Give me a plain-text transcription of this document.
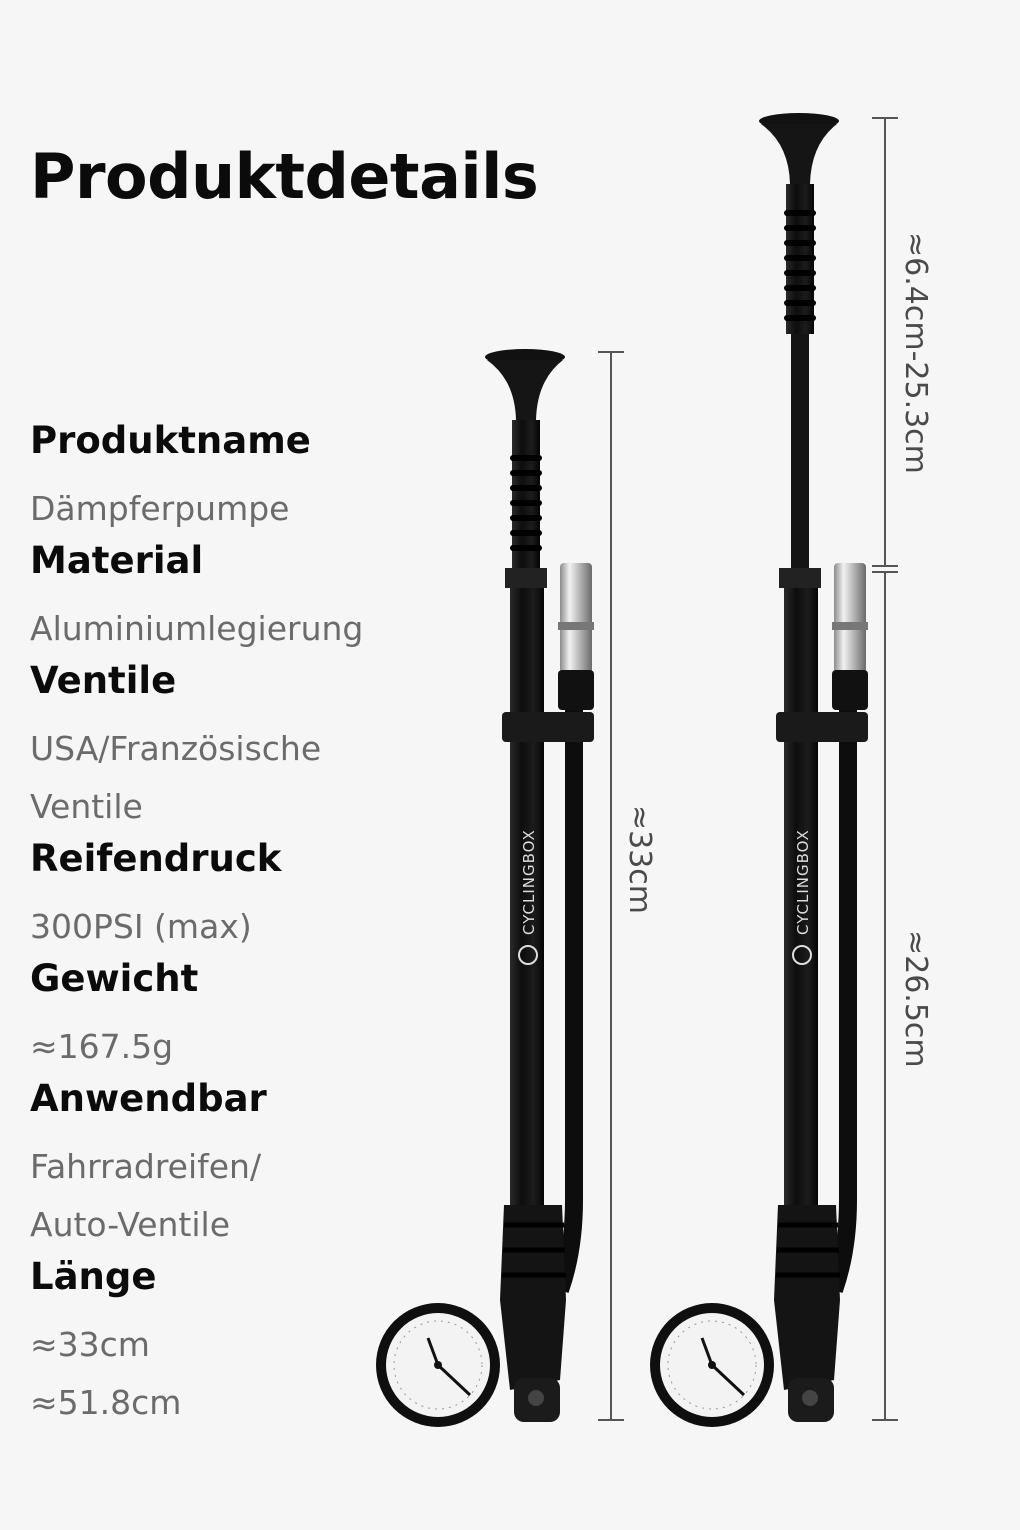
Produktdetails
Produktname
Dämpferpumpe
Material
Aluminiumlegierung
Ventile
USA/Französische
Ventile
Reifendruck
300PSI (max)
Gewicht
≈167.5g
Anwendbar
Fahrradreifen/
Auto-Ventile
Länge
≈33cm
≈51.8cm
CYCLINGBOX	≈33cm	CYCLINGBOX
≈6.4cm-25.3cm
≈26.5cm
